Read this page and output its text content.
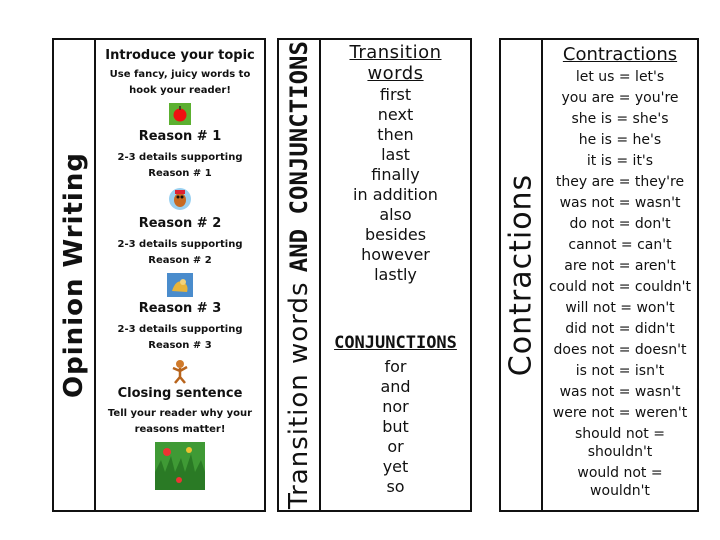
Opinion Writing
Introduce your topic
Use fancy, juicy words to
hook your reader!
Reason # 1
2-3 details supporting
Reason # 1
Reason # 2
2-3 details supporting
Reason # 2
Reason # 3
2-3 details supporting
Reason # 3
Closing sentence
Tell your reader why your
reasons matter!	Transition words AND CONJUNCTIONS	Transition words
first
next
then
last
finally
in addition
also
besides
however
lastly
CONJUNCTIONS
for
and
nor
but
or
yet
so
Contractions
Contractions
let us = let's
you are = you're
she is = she's
he is = he's
it is = it's
they are = they're
was not = wasn't
do not = don't
cannot = can't
are not = aren't
could not = couldn't
will not = won't
did not = didn't
does not = doesn't
is not = isn't
was not = wasn't
were not = weren't
should not =
shouldn't
would not =
wouldn't
